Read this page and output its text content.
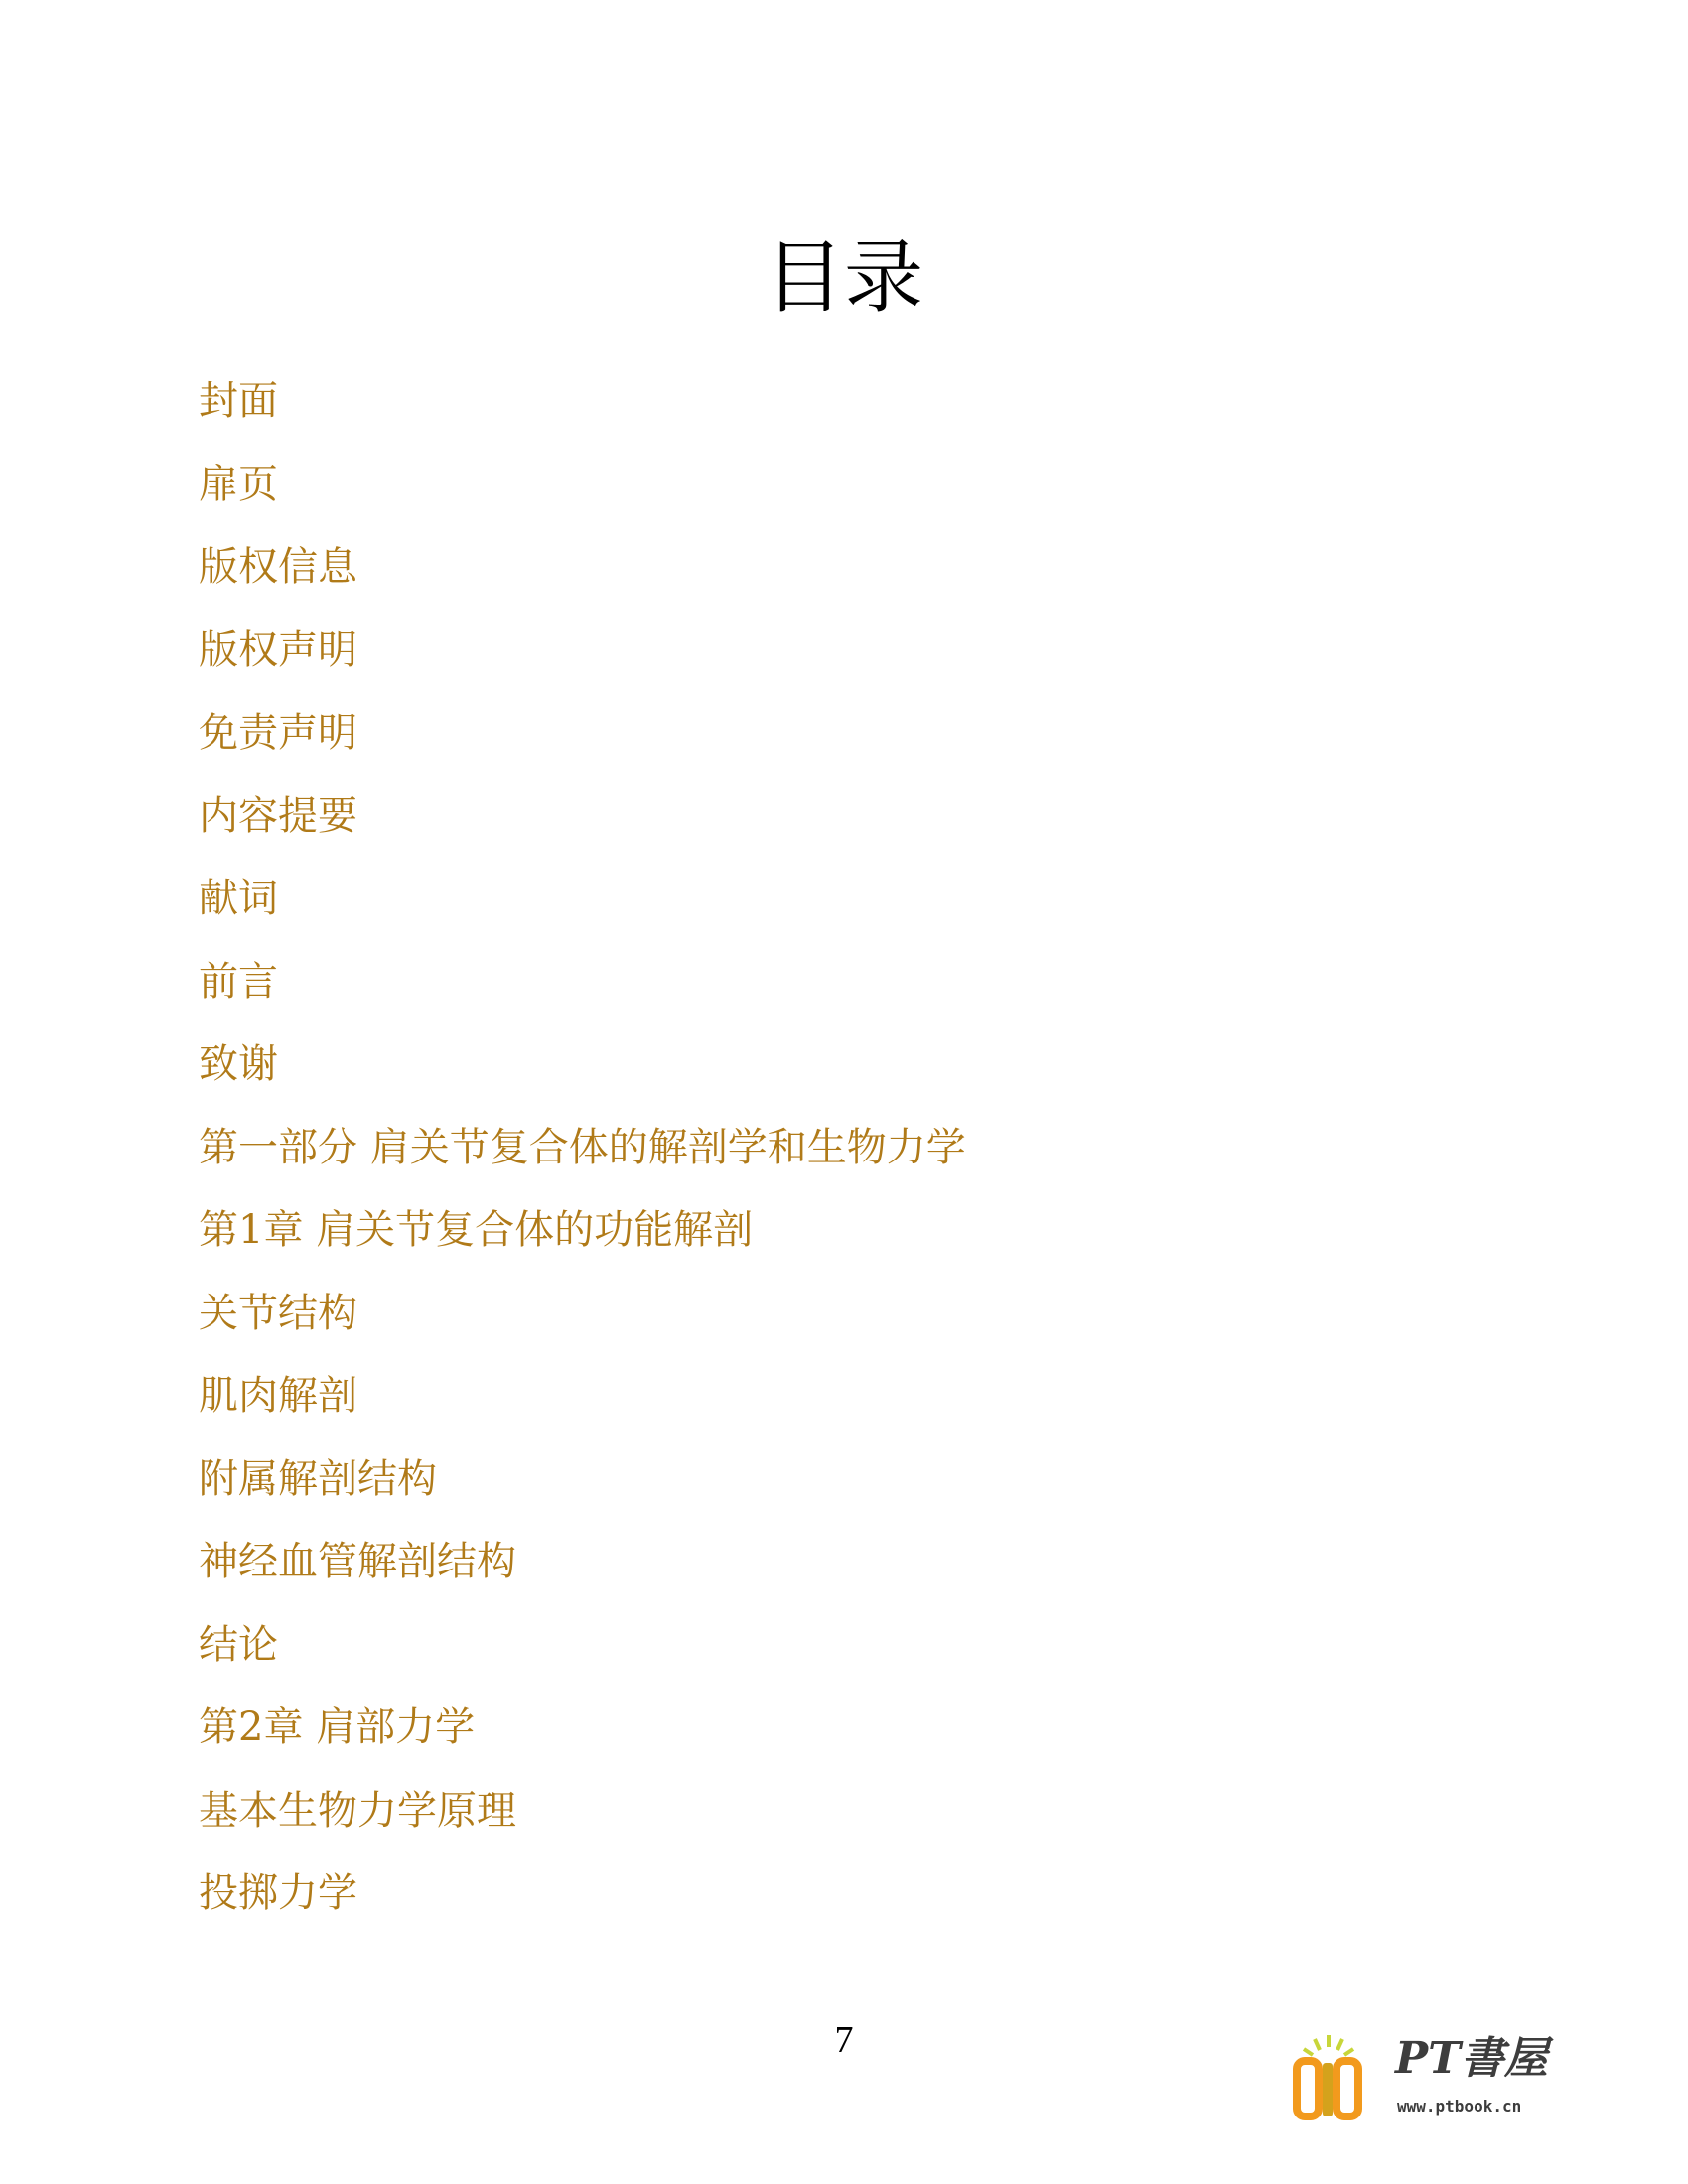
目录
封面
扉页
版权信息
版权声明
免责声明
内容提要
献词
前言
致谢
第一部分 肩关节复合体的解剖学和生物力学
第1章 肩关节复合体的功能解剖
关节结构
肌肉解剖
附属解剖结构
神经血管解剖结构
结论
第2章 肩部力学
基本生物力学原理
投掷力学
7	PT書屋
www.ptbook.cn
